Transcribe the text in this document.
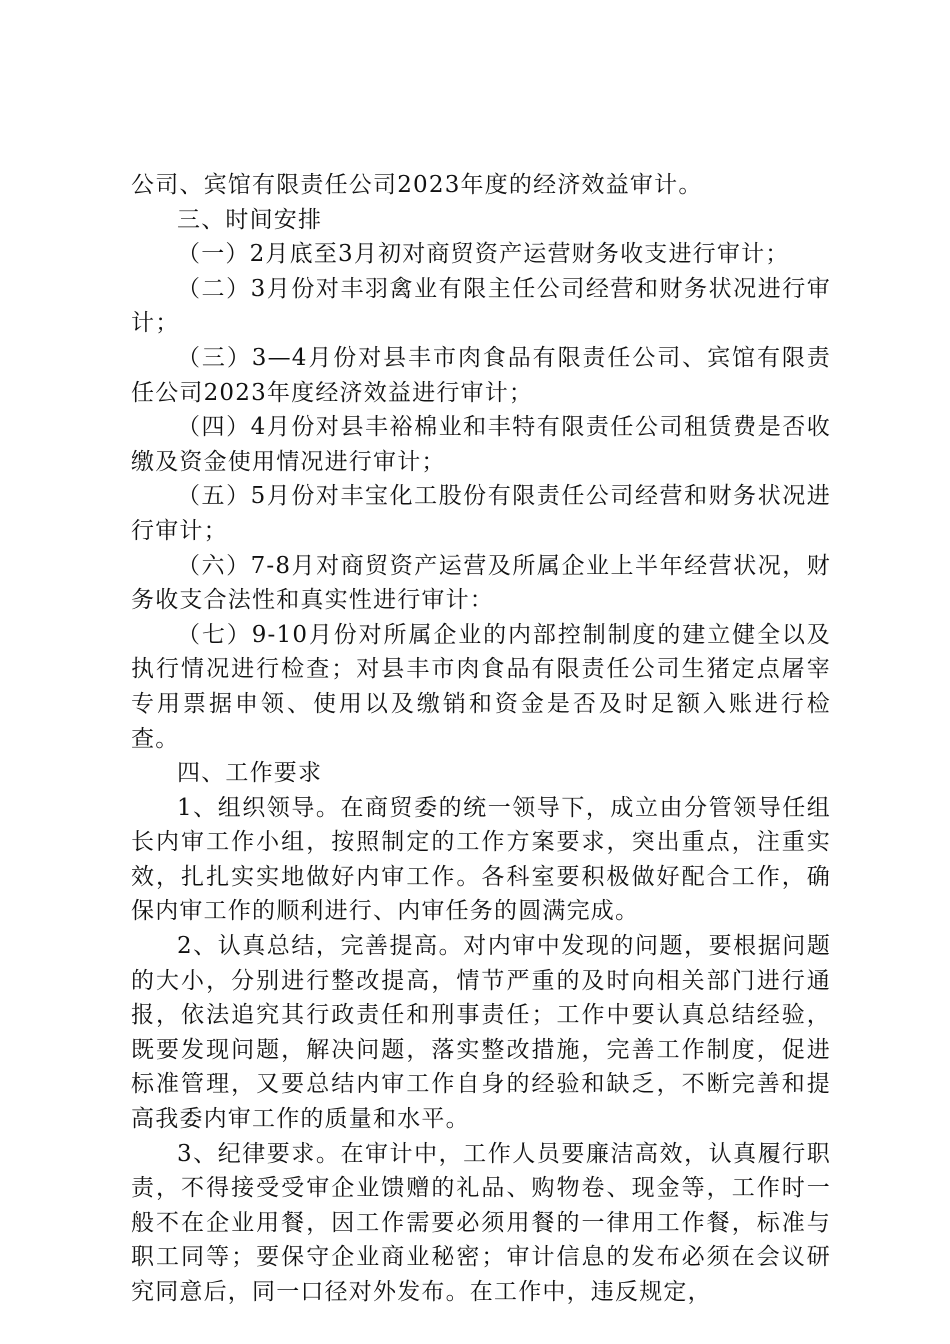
公司、宾馆有限责任公司2023年度的经济效益审计。

三、时间安排

（一）2月底至3月初对商贸资产运营财务收支进行审计；

（二）3月份对丰羽禽业有限主任公司经营和财务状况进行审计；

（三）3—4月份对县丰市肉食品有限责任公司、宾馆有限责任公司2023年度经济效益进行审计；

（四）4月份对县丰裕棉业和丰特有限责任公司租赁费是否收缴及资金使用情况进行审计；

（五）5月份对丰宝化工股份有限责任公司经营和财务状况进行审计；

（六）7-8月对商贸资产运营及所属企业上半年经营状况，财务收支合法性和真实性进行审计：

（七）9-10月份对所属企业的内部控制制度的建立健全以及执行情况进行检查；对县丰市肉食品有限责任公司生猪定点屠宰专用票据申领、使用以及缴销和资金是否及时足额入账进行检查。

四、工作要求

1、组织领导。在商贸委的统一领导下，成立由分管领导任组长内审工作小组，按照制定的工作方案要求，突出重点，注重实效，扎扎实实地做好内审工作。各科室要积极做好配合工作，确保内审工作的顺利进行、内审任务的圆满完成。

2、认真总结，完善提高。对内审中发现的问题，要根据问题的大小，分别进行整改提高，情节严重的及时向相关部门进行通报，依法追究其行政责任和刑事责任；工作中要认真总结经验，既要发现问题，解决问题，落实整改措施，完善工作制度，促进标准管理，又要总结内审工作自身的经验和缺乏，不断完善和提高我委内审工作的质量和水平。

3、纪律要求。在审计中，工作人员要廉洁高效，认真履行职责，不得接受受审企业馈赠的礼品、购物卷、现金等，工作时一般不在企业用餐，因工作需要必须用餐的一律用工作餐，标准与职工同等；要保守企业商业秘密；审计信息的发布必须在会议研究同意后，同一口径对外发布。在工作中，违反规定，
